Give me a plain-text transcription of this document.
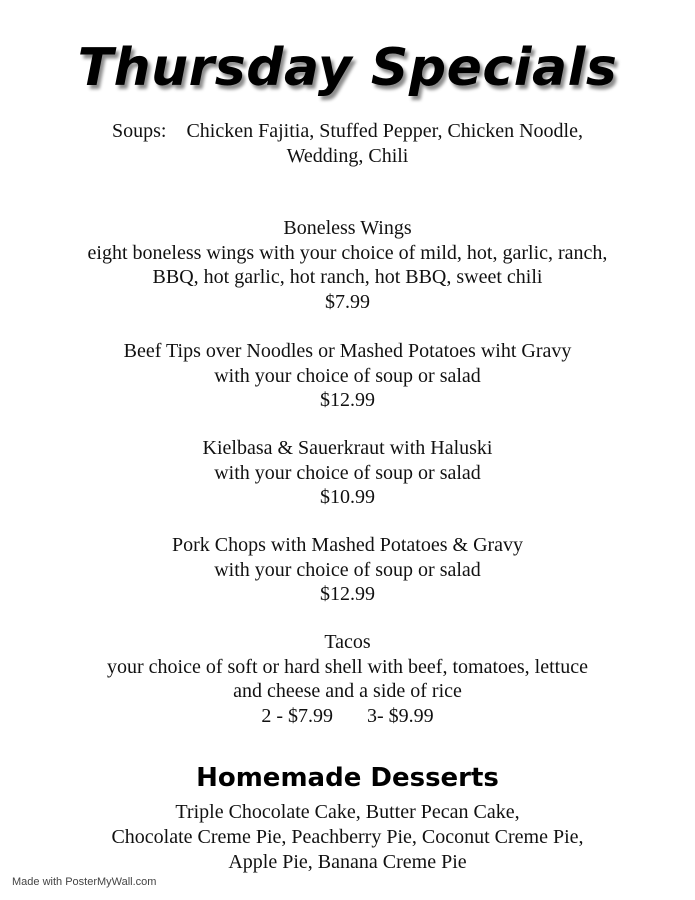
Thursday Specials
Soups: Chicken Fajitia, Stuffed Pepper, Chicken Noodle,
Wedding, Chili
Boneless Wings
eight boneless wings with your choice of mild, hot, garlic, ranch,
BBQ, hot garlic, hot ranch, hot BBQ, sweet chili
$7.99
Beef Tips over Noodles or Mashed Potatoes wiht Gravy
with your choice of soup or salad
$12.99
Kielbasa & Sauerkraut with Haluski
with your choice of soup or salad
$10.99
Pork Chops with Mashed Potatoes & Gravy
with your choice of soup or salad
$12.99
Tacos
your choice of soft or hard shell with beef, tomatoes, lettuce
and cheese and a side of rice
2 - $7.99 3- $9.99
Homemade Desserts
Triple Chocolate Cake, Butter Pecan Cake,
Chocolate Creme Pie, Peachberry Pie, Coconut Creme Pie,
Apple Pie, Banana Creme Pie
Made with PosterMyWall.com
